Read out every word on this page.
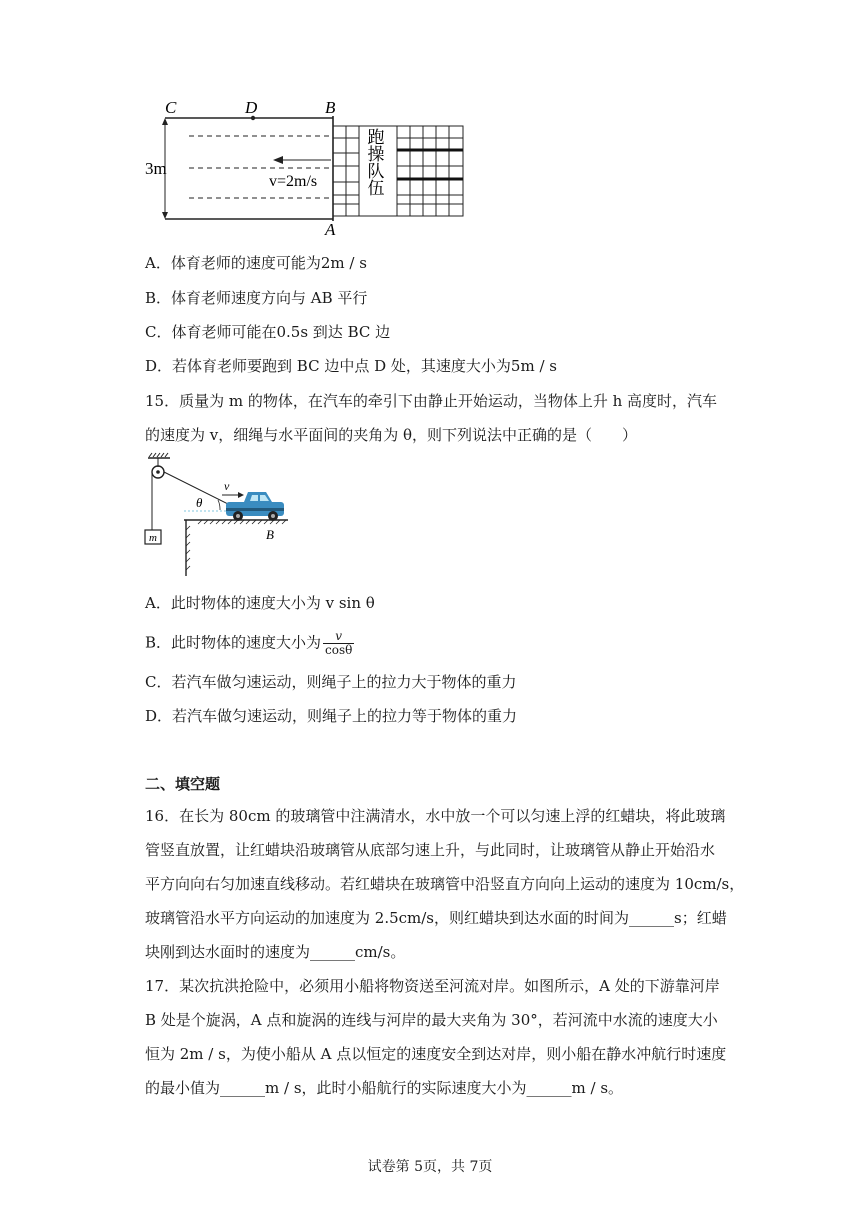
C	D	B
A
3m
v=2m/s	跑操队伍
A．体育老师的速度可能为2m / s
B．体育老师速度方向与 AB 平行
C．体育老师可能在0.5s 到达 BC 边
D．若体育老师要跑到 BC 边中点 D 处，其速度大小为5m / s
15．质量为 m 的物体，在汽车的牵引下由静止开始运动，当物体上升 h 高度时，汽车
的速度为 v，细绳与水平面间的夹角为 θ，则下列说法中正确的是（　　）
m
θ
v
B
A．此时物体的速度大小为 v sin θ
B．此时物体的速度大小为 $\frac{v}{\cos\theta}$
C．若汽车做匀速运动，则绳子上的拉力大于物体的重力
D．若汽车做匀速运动，则绳子上的拉力等于物体的重力
二、填空题
16．在长为 80cm 的玻璃管中注满清水，水中放一个可以匀速上浮的红蜡块，将此玻璃
管竖直放置，让红蜡块沿玻璃管从底部匀速上升，与此同时，让玻璃管从静止开始沿水
平方向向右匀加速直线移动。若红蜡块在玻璃管中沿竖直方向向上运动的速度为 10cm/s，
玻璃管沿水平方向运动的加速度为 2.5cm/s，则红蜡块到达水面的时间为______s；红蜡
块刚到达水面时的速度为______cm/s。
17．某次抗洪抢险中，必须用小船将物资送至河流对岸。如图所示，A 处的下游靠河岸
B 处是个旋涡，A 点和旋涡的连线与河岸的最大夹角为 30°，若河流中水流的速度大小
恒为 2m / s，为使小船从 A 点以恒定的速度安全到达对岸，则小船在静水冲航行时速度
的最小值为______m / s，此时小船航行的实际速度大小为______m / s。
试卷第 5页，共 7页
